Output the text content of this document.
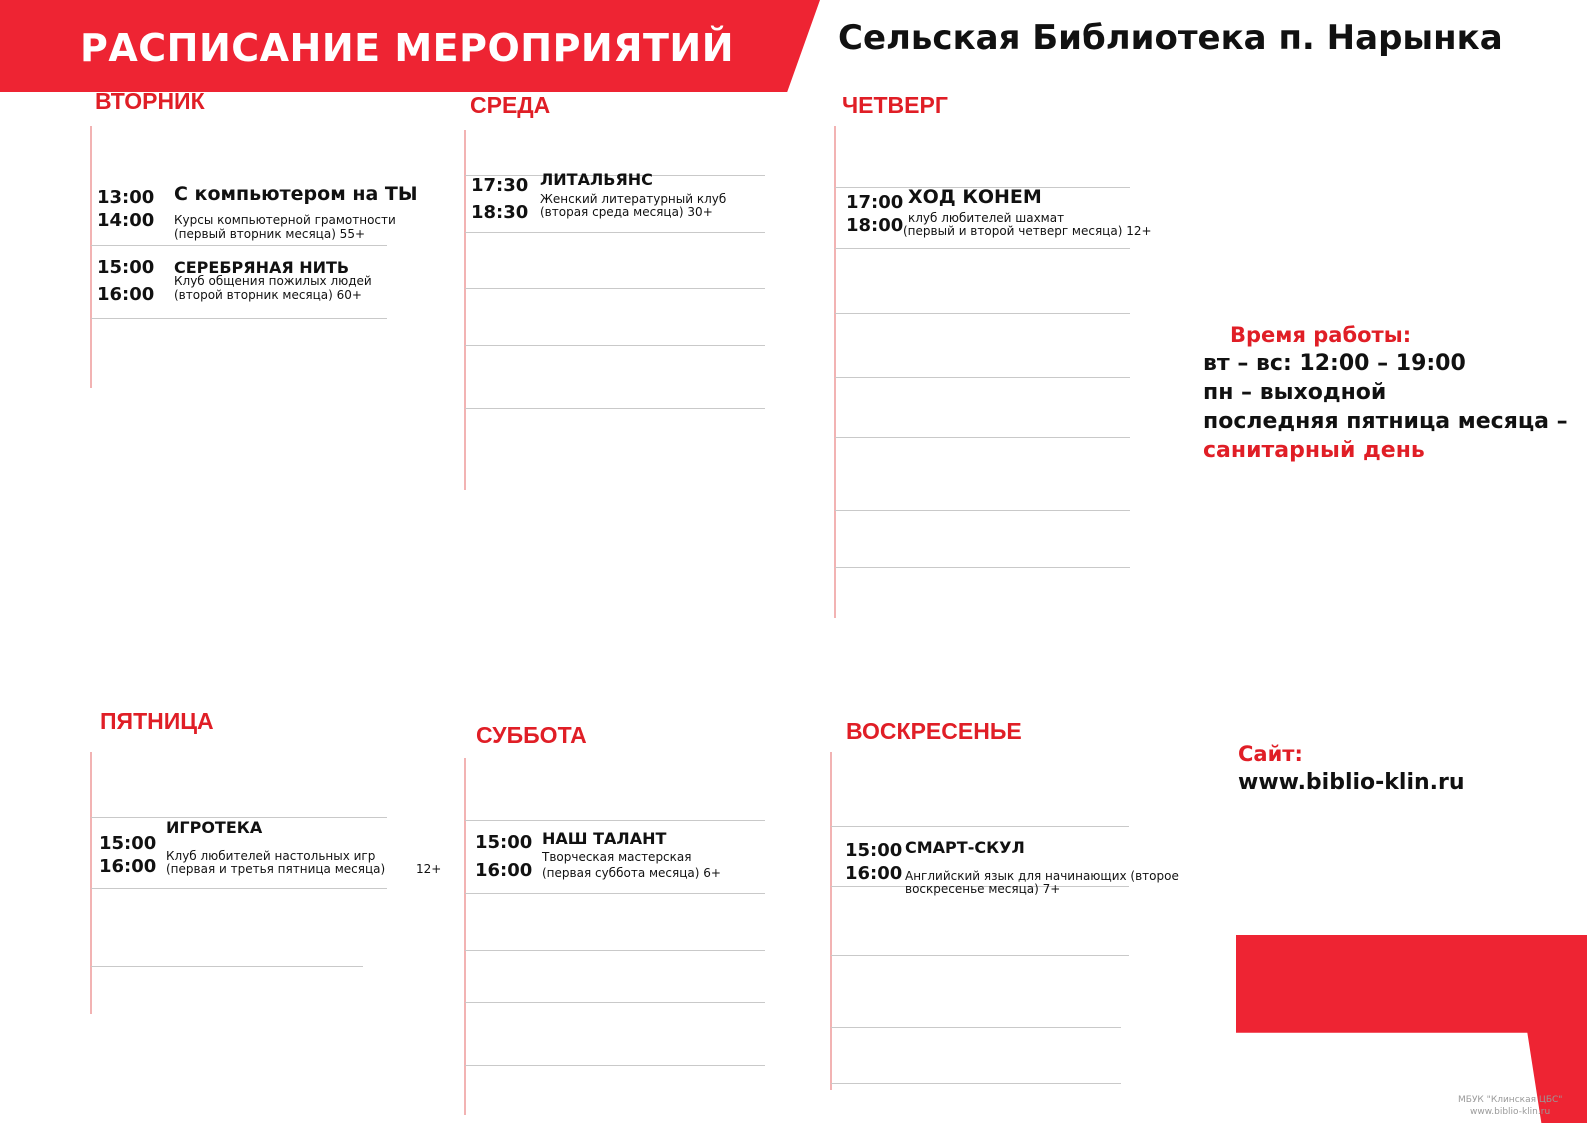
РАСПИСАНИЕ МЕРОПРИЯТИЙ	Сельская Библиотека п. Нарынка
ВТОРНИК
13:00
14:00
С компьютером на ТЫ
Курсы компьютерной грамотности
(первый вторник месяца) 55+
15:00
16:00
СЕРЕБРЯНАЯ НИТЬ
Клуб общения пожилых людей
(второй вторник месяца) 60+
СРЕДА
17:30
18:30
ЛИТАЛЬЯНС
Женский литературный клуб
(вторая среда месяца) 30+
ЧЕТВЕРГ
17:00
18:00
ХОД КОНЕМ
клуб любителей шахмат
(первый и второй четверг месяца) 12+
Время работы:
вт – вс: 12:00 – 19:00
пн – выходной
последняя пятница месяца –
санитарный день
ПЯТНИЦА
15:00
16:00
ИГРОТЕКА
Клуб любителей настольных игр
(первая и третья пятница месяца)	12+
СУББОТА
15:00
16:00
НАШ ТАЛАНТ
Творческая мастерская
(первая суббота месяца) 6+
ВОСКРЕСЕНЬЕ
15:00
16:00
СМАРТ-СКУЛ
Английский язык для начинающих (второе
воскресенье месяца) 7+
Сайт:
www.biblio-klin.ru
МБУК "Клинская ЦБС"
www.biblio-klin.ru
